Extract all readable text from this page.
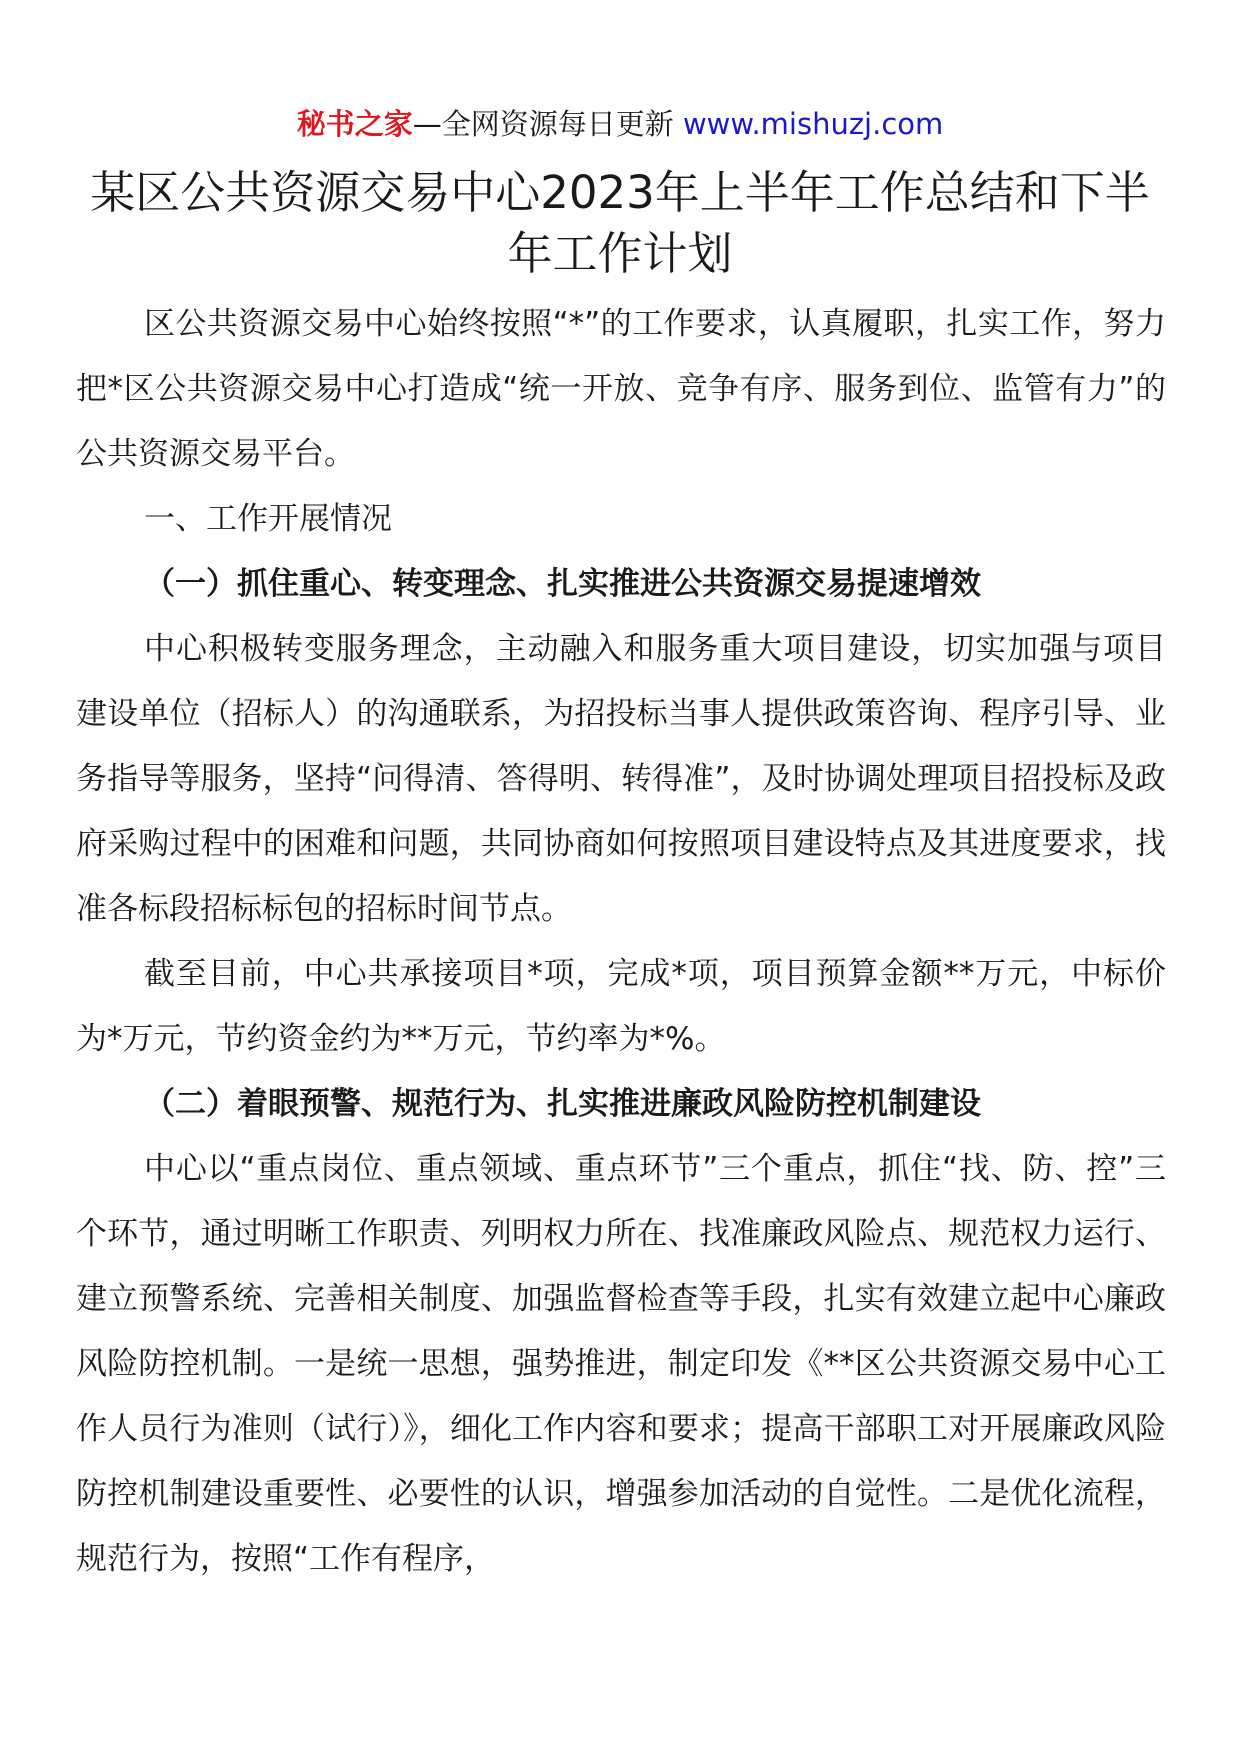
秘书之家—全网资源每日更新 www.mishuzj.com
某区公共资源交易中心2023年上半年工作总结和下半年工作计划

区公共资源交易中心始终按照“*”的工作要求，认真履职，扎实工作，努力把*区公共资源交易中心打造成“统一开放、竞争有序、服务到位、监管有力”的公共资源交易平台。

一、工作开展情况

（一）抓住重心、转变理念、扎实推进公共资源交易提速增效

中心积极转变服务理念，主动融入和服务重大项目建设，切实加强与项目建设单位（招标人）的沟通联系，为招投标当事人提供政策咨询、程序引导、业务指导等服务，坚持“问得清、答得明、转得准”，及时协调处理项目招投标及政府采购过程中的困难和问题，共同协商如何按照项目建设特点及其进度要求，找准各标段招标标包的招标时间节点。

截至目前，中心共承接项目*项，完成*项，项目预算金额**万元，中标价为*万元，节约资金约为**万元，节约率为*%。

（二）着眼预警、规范行为、扎实推进廉政风险防控机制建设

中心以“重点岗位、重点领域、重点环节”三个重点，抓住“找、防、控”三个环节，通过明晰工作职责、列明权力所在、找准廉政风险点、规范权力运行、建立预警系统、完善相关制度、加强监督检查等手段，扎实有效建立起中心廉政风险防控机制。一是统一思想，强势推进，制定印发《**区公共资源交易中心工作人员行为准则（试行）》，细化工作内容和要求；提高干部职工对开展廉政风险防控机制建设重要性、必要性的认识，增强参加活动的自觉性。二是优化流程，规范行为，按照“工作有程序，
